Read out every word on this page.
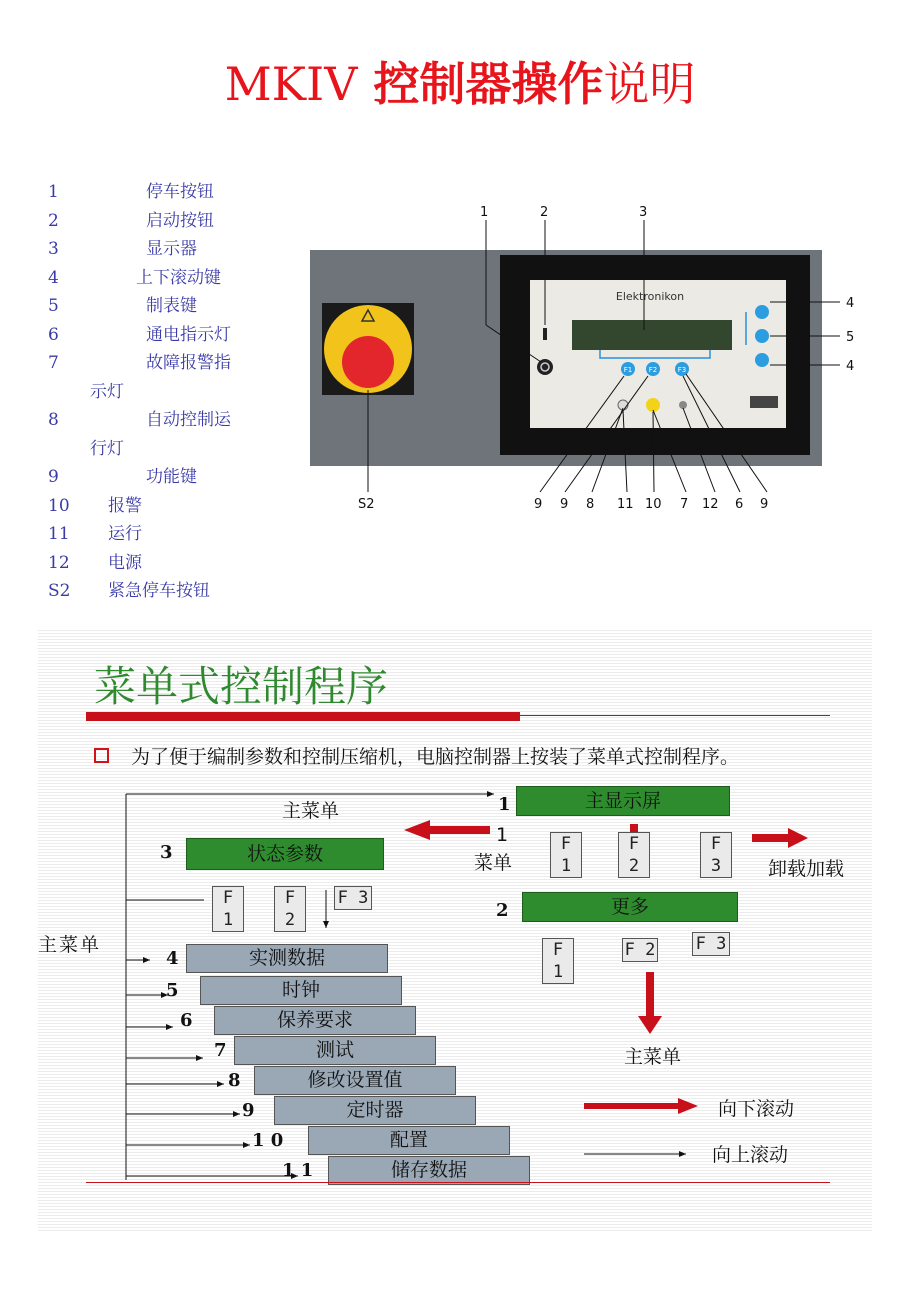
MKIV 控制器操作说明
1	停车按钮
2	启动按钮
3	显示器
4	上下滚动键
5	制表键
6	通电指示灯
7	故障报警指
示灯
8	自动控制运
行灯
9	功能键
10	报警
11	运行
12	电源
S2	紧急停车按钮
Elektronikon
F1 F2	F3
1	2	3
4
5
4
S2	9 9 8 11 10 7 12 6 9
菜单式控制程序
为了便于编制参数和控制压缩机，电脑控制器上按装了菜单式控制程序。
主菜单
主菜单
1	主显示屏
1
菜单
F 1
F 2
F 3	卸载加载
3	状态参数
F 1
F 2
F 3
2	更多
F 1
F 2 F 3
主菜单
4	实测数据
5	时钟
6	保养要求
7	测试
8	修改设置值
9	定时器
1 0	配置
1 1	储存数据
向下滚动
向上滚动
